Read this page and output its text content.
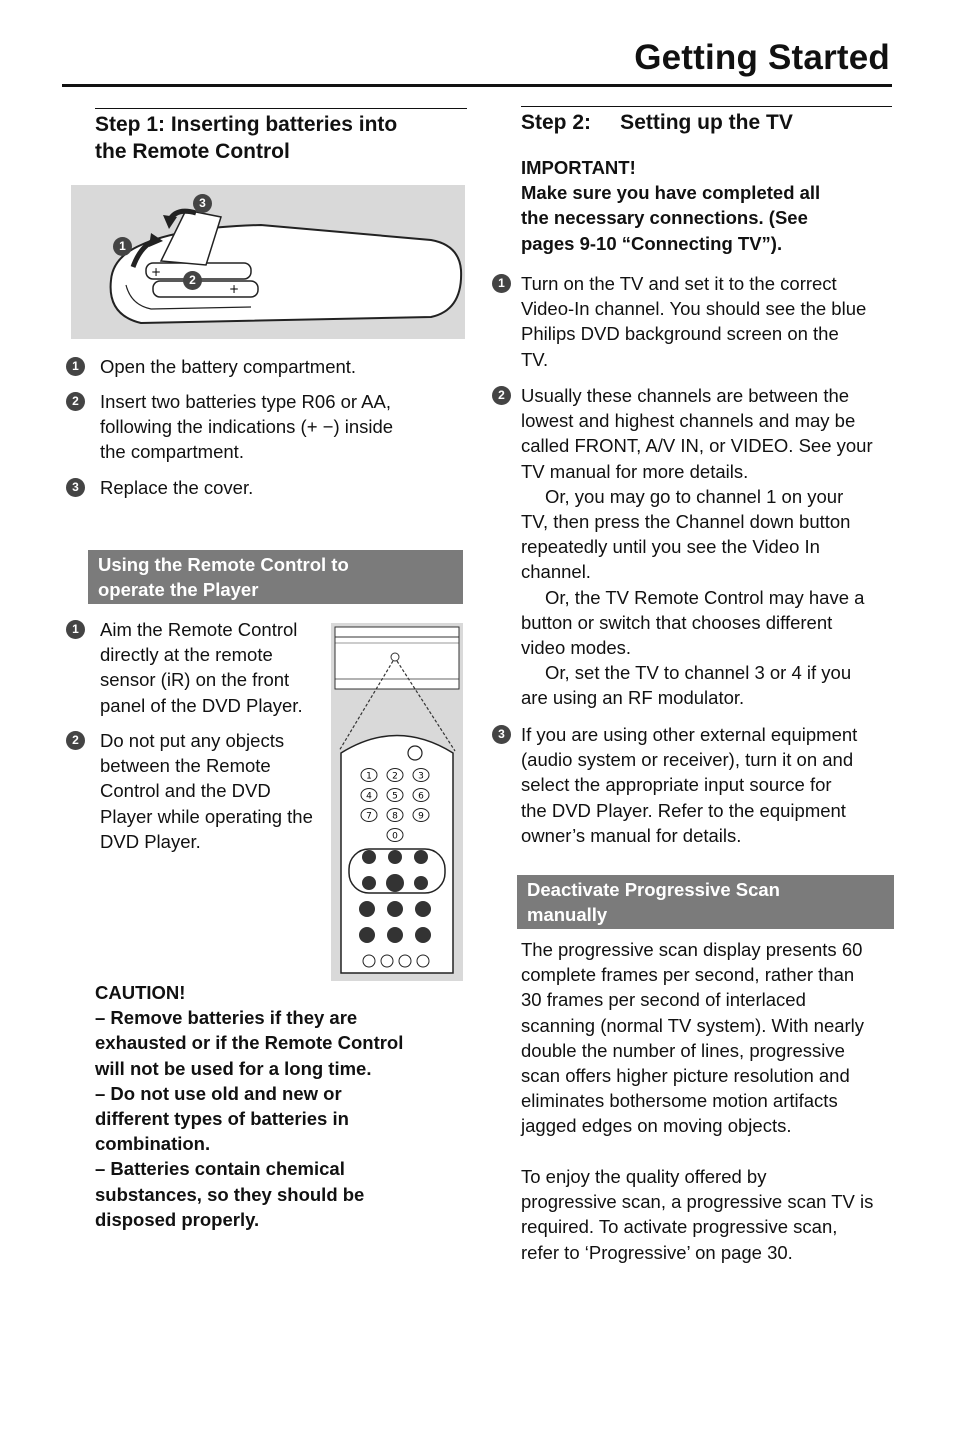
Getting Started
Step 1: Inserting batteries into
the Remote Control
+
+
1
2
3
1	Open the battery compartment.
2	Insert two batteries type R06 or AA,
following the indications (+ −) inside
the compartment.
3	Replace the cover.
Using the Remote Control to
operate the Player
1	Aim the Remote Control
directly at the remote
sensor (iR) on the front
panel of the DVD Player.
2	Do not put any objects
between the Remote
Control and the DVD
Player while operating the
DVD Player.
1 2 3
4 5 6
7 8 9
0
CAUTION!
– Remove batteries if they are
exhausted or if the Remote Control
will not be used for a long time.
– Do not use old and new or
different types of batteries in
combination.
– Batteries contain chemical
substances, so they should be
disposed properly.
Step 2:     Setting up the TV
IMPORTANT!
Make sure you have completed all
the necessary connections. (See
pages 9-10 “Connecting TV”).
1 Turn on the TV and set it to the correct
Video-In channel. You should see the blue
Philips DVD background screen on the
TV.
2 Usually these channels are between the
lowest and highest channels and may be
called FRONT, A/V IN, or VIDEO. See your
TV manual for more details.
Or, you may go to channel 1 on your
TV, then press the Channel down button
repeatedly until you see the Video In
channel.
Or, the TV Remote Control may have a
button or switch that chooses different
video modes.
Or, set the TV to channel 3 or 4 if you
are using an RF modulator.
3 If you are using other external equipment
(audio system or receiver), turn it on and
select the appropriate input source for
the DVD Player. Refer to the equipment
owner’s manual for details.
Deactivate Progressive Scan
manually
The progressive scan display presents 60
complete frames per second, rather than
30 frames per second of interlaced
scanning (normal TV system). With nearly
double the number of lines, progressive
scan offers higher picture resolution and
eliminates bothersome motion artifacts
jagged edges on moving objects.
To enjoy the quality offered by
progressive scan, a progressive scan TV is
required. To activate progressive scan,
refer to ‘Progressive’ on page 30.
